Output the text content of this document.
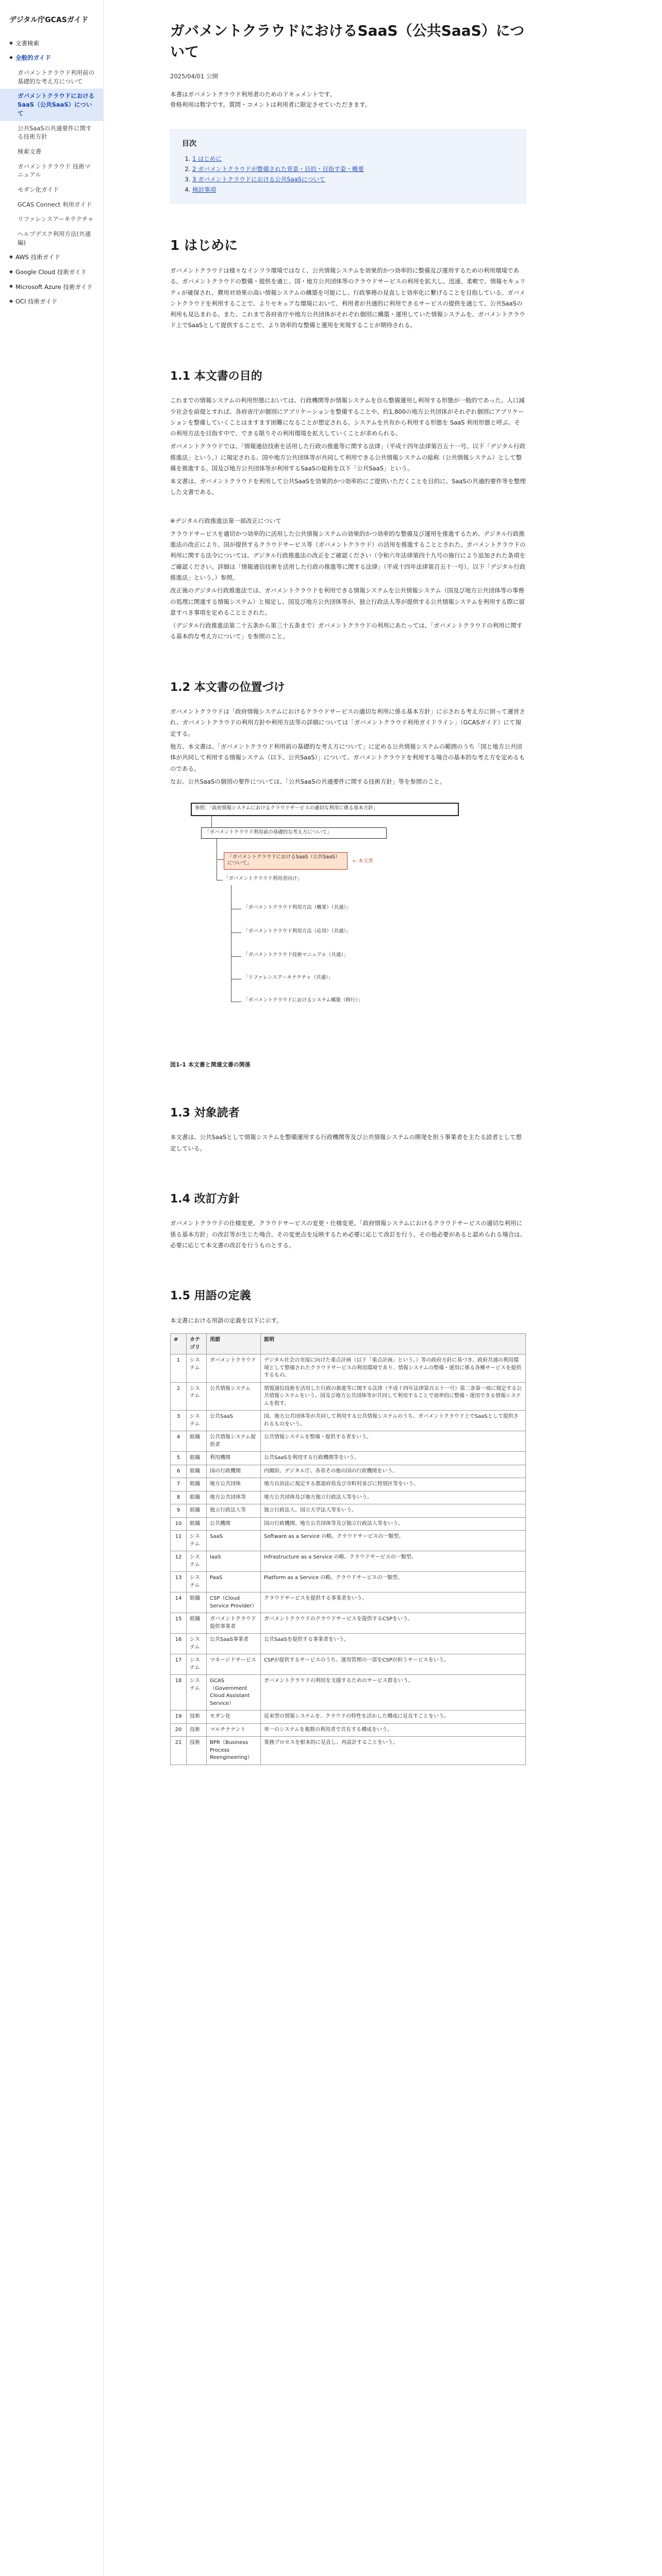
デジタル庁GCASガイド
◆ 文書検索
◆ 全般的ガイド
ガバメントクラウド利用前の基礎的な考え方について
ガバメントクラウドにおけるSaaS（公共SaaS）について
公共SaaSの共通要件に関する技術方針
検索文書
ガバメントクラウド 技術マニュアル
モダン化ガイド
GCAS Connect 利用ガイド
リファレンスアーキテクチャ
ヘルプデスク利用方法(共通編)
◆ AWS 技術ガイド
◆ Google Cloud 技術ガイド
◆ Microsoft Azure 技術ガイド
◆ OCI 技術ガイド
ガバメントクラウドにおけるSaaS（公共SaaS）について
2025/04/01 公開

本書はガバメントクラウド利用者のためのドキュメントです。

骨格利用は数字です。質問・コメントは利用者に限定させていただきます。

目次
1. 1 はじめに
2. 2 ガバメントクラウドが整備された背景・目的・目指す姿・概要
3. 3 ガバメントクラウドにおける公共SaaSについて
4. 検討事項
1 はじめに

ガバメントクラウドは様々なインフラ環境ではなく、公共情報システムを効果的かつ効率的に整備及び運用するための利用環境である。ガバメントクラウドの整備・提供を通じ、国・地方公共団体等のクラウドサービスの利用を拡大し、迅速、柔軟で、情報セキュリティが確保され、費用対効果の高い情報システムの構築を可能にし、行政事務の見直しと効率化に繋げることを目指している。ガバメントクラウドを利用することで、よりセキュアな環境において、利用者が共通的に利用できるサービスの提供を通じて、公共SaaSの利用も見込まれる。また、これまで各府省庁や地方公共団体がそれぞれ個別に構築・運用していた情報システムを、ガバメントクラウド上でSaaSとして提供することで、より効率的な整備と運用を実現することが期待される。

1.1 本文書の目的

これまでの情報システムの利用形態においては、行政機関等が情報システムを自ら整備運用し利用する形態が一般的であった。人口減少社会を前提とすれば、各府省庁が個別にアプリケーションを整備することや、約1,800の地方公共団体がそれぞれ個別にアプリケーションを整備していくことはますます困難になることが想定される。システムを共有から利用する形態を SaaS 利用形態と呼ぶ。その利用方法を目指す中で、できる限りその利用環境を拡大していくことが求められる。

ガバメントクラウドでは、「情報通信技術を活用した行政の推進等に関する法律」（平成十四年法律第百五十一号。以下「デジタル行政推進法」という。）に規定される、国や地方公共団体等が共同して利用できる公共情報システムの総称（公共情報システム）として整備を推進する。国及び地方公共団体等が利用するSaaSの総称を以下「公共SaaS」という。

本文書は、ガバメントクラウドを利用して公共SaaSを効果的かつ効率的にご提供いただくことを目的に、SaaSの共通的要件等を整理した文書である。

※デジタル行政推進法第一部改正について

クラウドサービスを適切かつ効率的に活用した公共情報システムの効果的かつ効率的な整備及び運用を推進するため、デジタル行政推進法の改正により、国が提供するクラウドサービス等（ガバメントクラウド）の活用を推進することとされた。ガバメントクラウドの利用に関する法令については、デジタル行政推進法の改正をご確認ください（令和六年法律第四十九号の施行により追加された条項をご確認ください。詳細は「情報通信技術を活用した行政の推進等に関する法律」（平成十四年法律第百五十一号）。以下「デジタル行政推進法」という。）参照。

改正後のデジタル行政推進法では、ガバメントクラウドを利用できる情報システムを公共情報システム（国及び地方公共団体等の事務の処理に関連する情報システム）と規定し、国及び地方公共団体等が、独立行政法人等が提供する公共情報システムを利用する際に留意すべき事項を定めることとされた。

（デジタル行政推進法第二十五条から第三十五条まで）ガバメントクラウドの利用にあたっては、「ガバメントクラウドの利用に関する基本的な考え方について」を参照のこと。

1.2 本文書の位置づけ

ガバメントクラウドは「政府情報システムにおけるクラウドサービスの適切な利用に係る基本方針」に示される考え方に則って運営され、ガバメントクラウドの利用方針や利用方法等の詳細については「ガバメントクラウド利用ガイドライン」（GCASガイド）にて規定する。

他方、本文書は、「ガバメントクラウド利用前の基礎的な考え方について」に定める公共情報システムの範囲のうち「国と地方公共団体が共同して利用する情報システム（以下、公共SaaS）」について、ガバメントクラウドを利用する場合の基本的な考え方を定めるものである。

なお、公共SaaSの個別の要件については、「公共SaaSの共通要件に関する技術方針」等を参照のこと。

参照：「政府情報システムにおけるクラウドサービスの適切な利用に係る基本方針」
「ガバメントクラウド利用前の基礎的な考え方について」
「ガバメントクラウドにおけるSaaS（公共SaaS）について」	← 本文書
「ガバメントクラウド利用者向け」
「ガバメントクラウド利用方法（概要）（共通）」
「ガバメントクラウド利用方法（応用）（共通）」
「ガバメントクラウド技術マニュアル（共通）」
「リファレンスアーキテクチャ（共通）」
「ガバメントクラウドにおけるシステム構築（移行）」
図1-1 本文書と関連文書の関係
1.3 対象読者

本文書は、公共SaaSとして情報システムを整備運用する行政機関等及び公共情報システムの開発を担う事業者を主たる読者として想定している。

1.4 改訂方針

ガバメントクラウドの仕様変更、クラウドサービスの変更・仕様変更、「政府情報システムにおけるクラウドサービスの適切な利用に係る基本方針」の改訂等が生じた場合、その変更点を反映するため必要に応じて改訂を行う。その他必要があると認められる場合は、必要に応じて本文書の改訂を行うものとする。

1.5 用語の定義

本文書における用語の定義を以下に示す。

#	カテゴリ	用語	説明
1	システム	ガバメントクラウド	デジタル社会の実現に向けた重点計画（以下「重点計画」という。）等の政府方針に基づき、政府共通の利用環境として整備されたクラウドサービスの利用環境であり、情報システムの整備・運用に係る各種サービスを提供するもの。
2	システム	公共情報システム	情報通信技術を活用した行政の推進等に関する法律（平成十四年法律第百五十一号）第二条第一項に規定する公共情報システムをいう。国及び地方公共団体等が共同して利用することで効率的に整備・運用できる情報システムを指す。
3	システム	公共SaaS	国、地方公共団体等が共同して利用する公共情報システムのうち、ガバメントクラウド上でSaaSとして提供されるものをいう。
4	組織	公共情報システム提供者	公共情報システムを整備・提供する者をいう。
5	組織	利用機関	公共SaaSを利用する行政機関等をいう。
6	組織	国の行政機関	内閣府、デジタル庁、各省その他の国の行政機関をいう。
7	組織	地方公共団体	地方自治法に規定する都道府県及び市町村並びに特別区等をいう。
8	組織	地方公共団体等	地方公共団体及び地方独立行政法人等をいう。
9	組織	独立行政法人等	独立行政法人、国立大学法人等をいう。
10	組織	公共機関	国の行政機関、地方公共団体等及び独立行政法人等をいう。
11	システム	SaaS	Software as a Service の略。クラウドサービスの一類型。
12	システム	IaaS	Infrastructure as a Service の略。クラウドサービスの一類型。
13	システム	PaaS	Platform as a Service の略。クラウドサービスの一類型。
14	組織	CSP（Cloud Service Provider）	クラウドサービスを提供する事業者をいう。
15	組織	ガバメントクラウド提供事業者	ガバメントクラウドのクラウドサービスを提供するCSPをいう。
16	システム	公共SaaS事業者	公共SaaSを提供する事業者をいう。
17	システム	マネージドサービス	CSPが提供するサービスのうち、運用管理の一部をCSPが担うサービスをいう。
18	システム	GCAS（Government Cloud Assistant Service）	ガバメントクラウドの利用を支援するためのサービス群をいう。
19	技術	モダン化	従来型の情報システムを、クラウドの特性を活かした構成に見直すことをいう。
20	技術	マルチテナント	単一のシステムを複数の利用者で共有する構成をいう。
21	技術	BPR（Business Process Reengineering）	業務プロセスを根本的に見直し、再設計することをいう。
